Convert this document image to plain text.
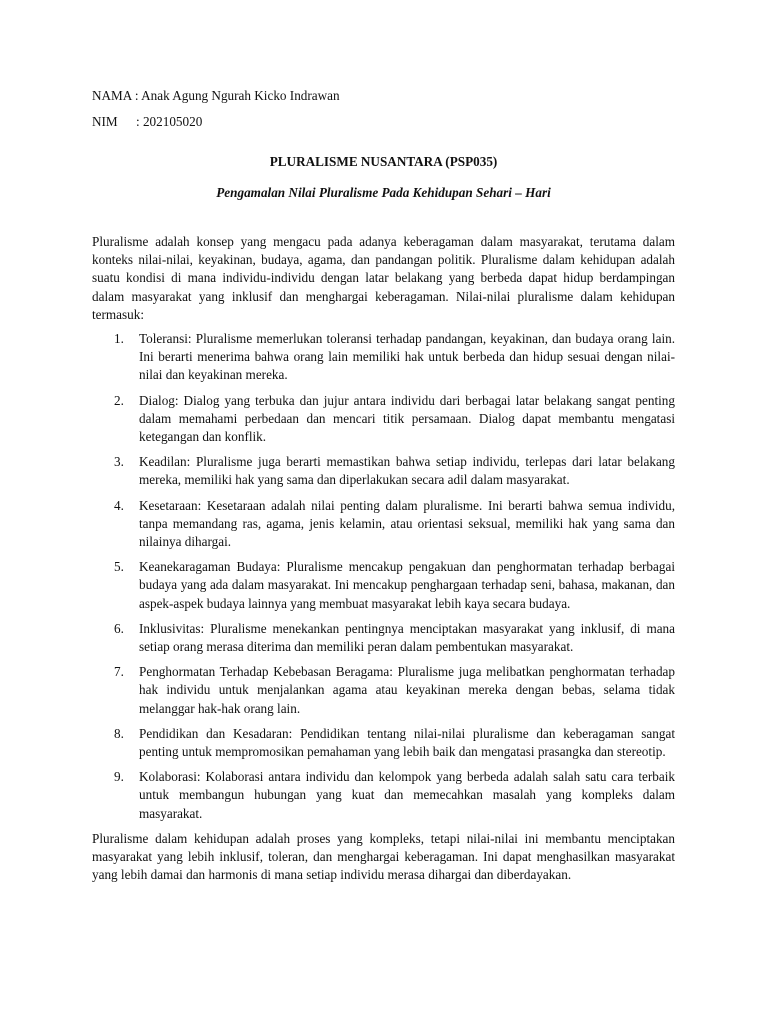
NAMA : Anak Agung Ngurah Kicko Indrawan
NIM	: 202105020
PLURALISME NUSANTARA (PSP035)
Pengamalan Nilai Pluralisme Pada Kehidupan Sehari – Hari

Pluralisme adalah konsep yang mengacu pada adanya keberagaman dalam masyarakat, terutama dalam konteks nilai-nilai, keyakinan, budaya, agama, dan pandangan politik. Pluralisme dalam kehidupan adalah suatu kondisi di mana individu-individu dengan latar belakang yang berbeda dapat hidup berdampingan dalam masyarakat yang inklusif dan menghargai keberagaman. Nilai-nilai pluralisme dalam kehidupan termasuk:

1. Toleransi: Pluralisme memerlukan toleransi terhadap pandangan, keyakinan, dan budaya orang lain. Ini berarti menerima bahwa orang lain memiliki hak untuk berbeda dan hidup sesuai dengan nilai-nilai dan keyakinan mereka.
2. Dialog: Dialog yang terbuka dan jujur antara individu dari berbagai latar belakang sangat penting dalam memahami perbedaan dan mencari titik persamaan. Dialog dapat membantu mengatasi ketegangan dan konflik.
3. Keadilan: Pluralisme juga berarti memastikan bahwa setiap individu, terlepas dari latar belakang mereka, memiliki hak yang sama dan diperlakukan secara adil dalam masyarakat.
4. Kesetaraan: Kesetaraan adalah nilai penting dalam pluralisme. Ini berarti bahwa semua individu, tanpa memandang ras, agama, jenis kelamin, atau orientasi seksual, memiliki hak yang sama dan nilainya dihargai.
5. Keanekaragaman Budaya: Pluralisme mencakup pengakuan dan penghormatan terhadap berbagai budaya yang ada dalam masyarakat. Ini mencakup penghargaan terhadap seni, bahasa, makanan, dan aspek-aspek budaya lainnya yang membuat masyarakat lebih kaya secara budaya.
6. Inklusivitas: Pluralisme menekankan pentingnya menciptakan masyarakat yang inklusif, di mana setiap orang merasa diterima dan memiliki peran dalam pembentukan masyarakat.
7. Penghormatan Terhadap Kebebasan Beragama: Pluralisme juga melibatkan penghormatan terhadap hak individu untuk menjalankan agama atau keyakinan mereka dengan bebas, selama tidak melanggar hak-hak orang lain.
8. Pendidikan dan Kesadaran: Pendidikan tentang nilai-nilai pluralisme dan keberagaman sangat penting untuk mempromosikan pemahaman yang lebih baik dan mengatasi prasangka dan stereotip.
9. Kolaborasi: Kolaborasi antara individu dan kelompok yang berbeda adalah salah satu cara terbaik untuk membangun hubungan yang kuat dan memecahkan masalah yang kompleks dalam masyarakat.

Pluralisme dalam kehidupan adalah proses yang kompleks, tetapi nilai-nilai ini membantu menciptakan masyarakat yang lebih inklusif, toleran, dan menghargai keberagaman. Ini dapat menghasilkan masyarakat yang lebih damai dan harmonis di mana setiap individu merasa dihargai dan diberdayakan.
